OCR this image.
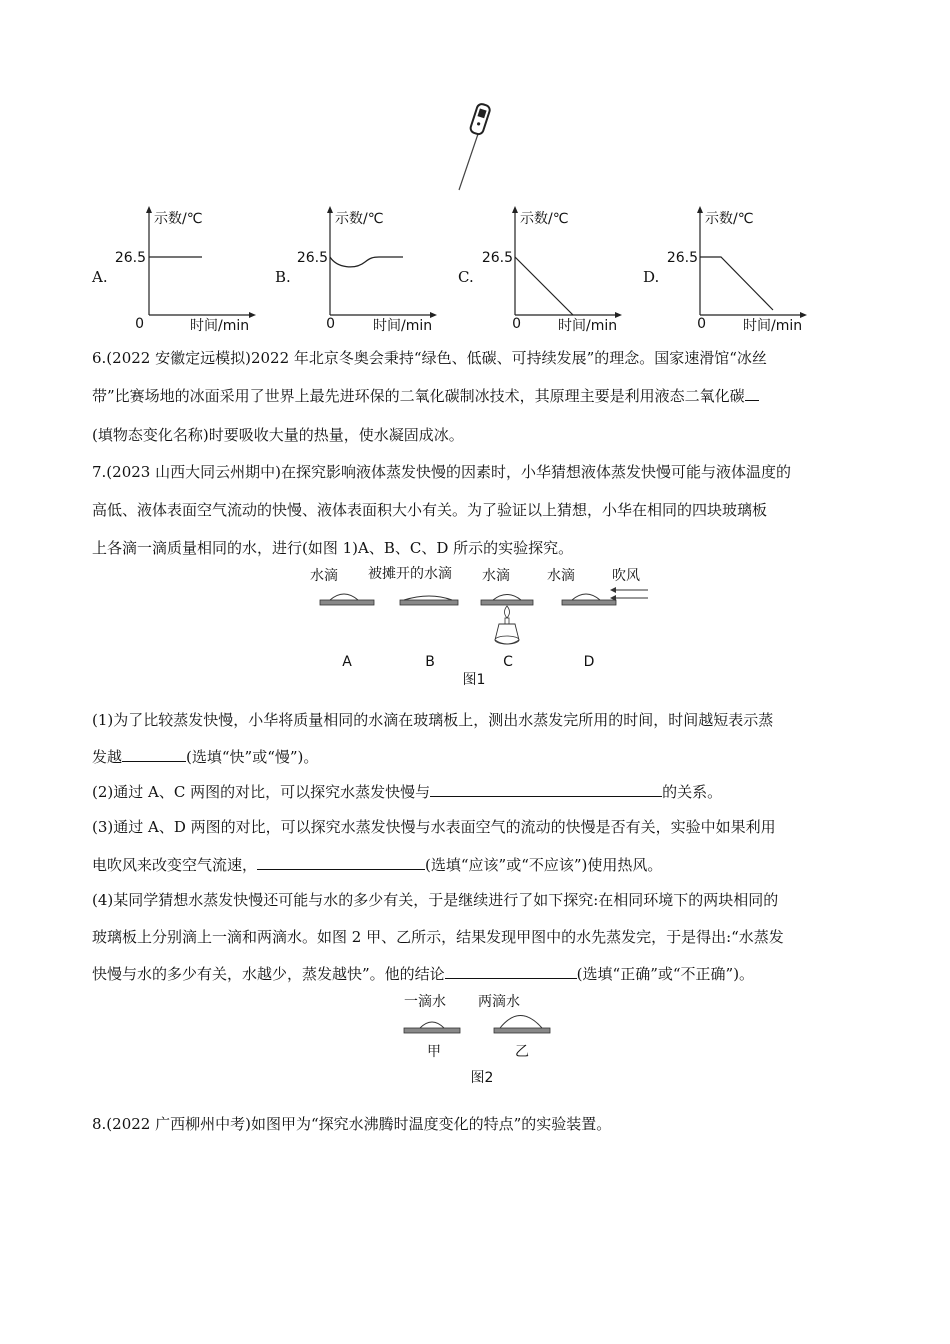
A.
示数/℃
时间/min
0
26.5
B.
示数/℃
时间/min
0
26.5
C.
示数/℃
时间/min
0
26.5
D.
示数/℃
时间/min
0
26.5
6.(2022 安徽定远模拟)2022 年北京冬奥会秉持“绿色、低碳、可持续发展”的理念。国家速滑馆“冰丝
带”比赛场地的冰面采用了世界上最先进环保的二氧化碳制冰技术，其原理主要是利用液态二氧化碳
(填物态变化名称)时要吸收大量的热量，使水凝固成冰。
7.(2023 山西大同云州期中)在探究影响液体蒸发快慢的因素时，小华猜想液体蒸发快慢可能与液体温度的
高低、液体表面空气流动的快慢、液体表面积大小有关。为了验证以上猜想，小华在相同的四块玻璃板
上各滴一滴质量相同的水，进行(如图 1)A、B、C、D 所示的实验探究。
水滴 被摊开的水滴 水滴	水滴	吹风
A	B	C	D
图1
(1)为了比较蒸发快慢，小华将质量相同的水滴在玻璃板上，测出水蒸发完所用的时间，时间越短表示蒸
发越	(选填“快”或“慢”)。
(2)通过 A、C 两图的对比，可以探究水蒸发快慢与	的关系。
(3)通过 A、D 两图的对比，可以探究水蒸发快慢与水表面空气的流动的快慢是否有关，实验中如果利用
电吹风来改变空气流速，	(选填“应该”或“不应该”)使用热风。
(4)某同学猜想水蒸发快慢还可能与水的多少有关，于是继续进行了如下探究:在相同环境下的两块相同的
玻璃板上分别滴上一滴和两滴水。如图 2 甲、乙所示，结果发现甲图中的水先蒸发完，于是得出:“水蒸发
快慢与水的多少有关，水越少，蒸发越快”。他的结论	(选填“正确”或“不正确”)。
一滴水 两滴水
甲	乙
图2
8.(2022 广西柳州中考)如图甲为“探究水沸腾时温度变化的特点”的实验装置。
